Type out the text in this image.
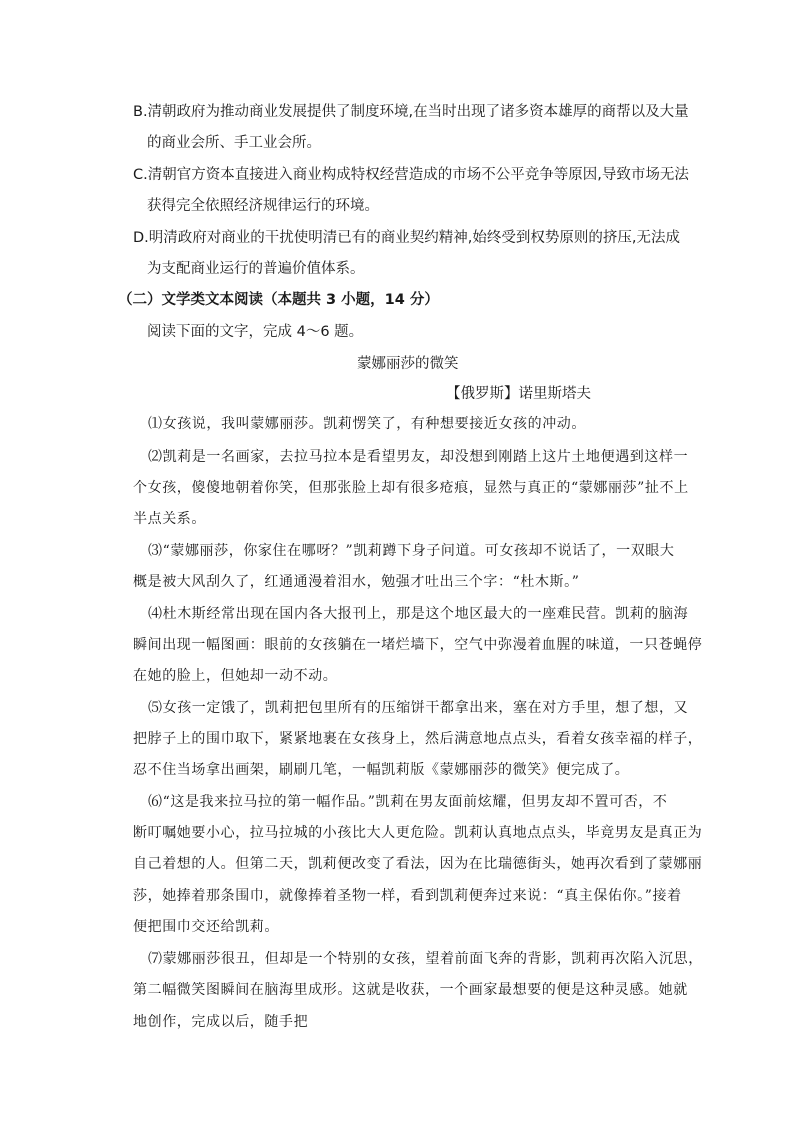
B.清朝政府为推动商业发展提供了制度环境,在当时出现了诸多资本雄厚的商帮以及大量
的商业会所、手工业会所。
C.清朝官方资本直接进入商业构成特权经营造成的市场不公平竞争等原因,导致市场无法
获得完全依照经济规律运行的环境。
D.明清政府对商业的干扰使明清已有的商业契约精神,始终受到权势原则的挤压,无法成
为支配商业运行的普遍价值体系。
（二）文学类文本阅读（本题共 3 小题，14 分）
阅读下面的文字，完成 4～6 题。
蒙娜丽莎的微笑
【俄罗斯】诺里斯塔夫
⑴女孩说，我叫蒙娜丽莎。凯莉愣笑了，有种想要接近女孩的冲动。
⑵凯莉是一名画家，去拉马拉本是看望男友，却没想到刚踏上这片土地便遇到这样一
个女孩，傻傻地朝着你笑，但那张脸上却有很多疮痕，显然与真正的“蒙娜丽莎”扯不上
半点关系。
⑶“蒙娜丽莎，你家住在哪呀？”凯莉蹲下身子问道。可女孩却不说话了，一双眼大
概是被大风刮久了，红通通漫着泪水，勉强才吐出三个字：“杜木斯。”
⑷杜木斯经常出现在国内各大报刊上，那是这个地区最大的一座难民营。凯莉的脑海
瞬间出现一幅图画：眼前的女孩躺在一堵烂墙下，空气中弥漫着血腥的味道，一只苍蝇停
在她的脸上，但她却一动不动。
⑸女孩一定饿了，凯莉把包里所有的压缩饼干都拿出来，塞在对方手里，想了想，又
把脖子上的围巾取下，紧紧地裹在女孩身上，然后满意地点点头，看着女孩幸福的样子，
忍不住当场拿出画架，刷刷几笔，一幅凯莉版《蒙娜丽莎的微笑》便完成了。
⑹“这是我来拉马拉的第一幅作品。”凯莉在男友面前炫耀，但男友却不置可否，不
断叮嘱她要小心，拉马拉城的小孩比大人更危险。凯莉认真地点点头，毕竟男友是真正为
自己着想的人。但第二天，凯莉便改变了看法，因为在比瑞德街头，她再次看到了蒙娜丽
莎，她捧着那条围巾，就像捧着圣物一样，看到凯莉便奔过来说：“真主保佑你。”接着
便把围巾交还给凯莉。
⑺蒙娜丽莎很丑，但却是一个特别的女孩，望着前面飞奔的背影，凯莉再次陷入沉思，
第二幅微笑图瞬间在脑海里成形。这就是收获，一个画家最想要的便是这种灵感。她就
地创作，完成以后，随手把
